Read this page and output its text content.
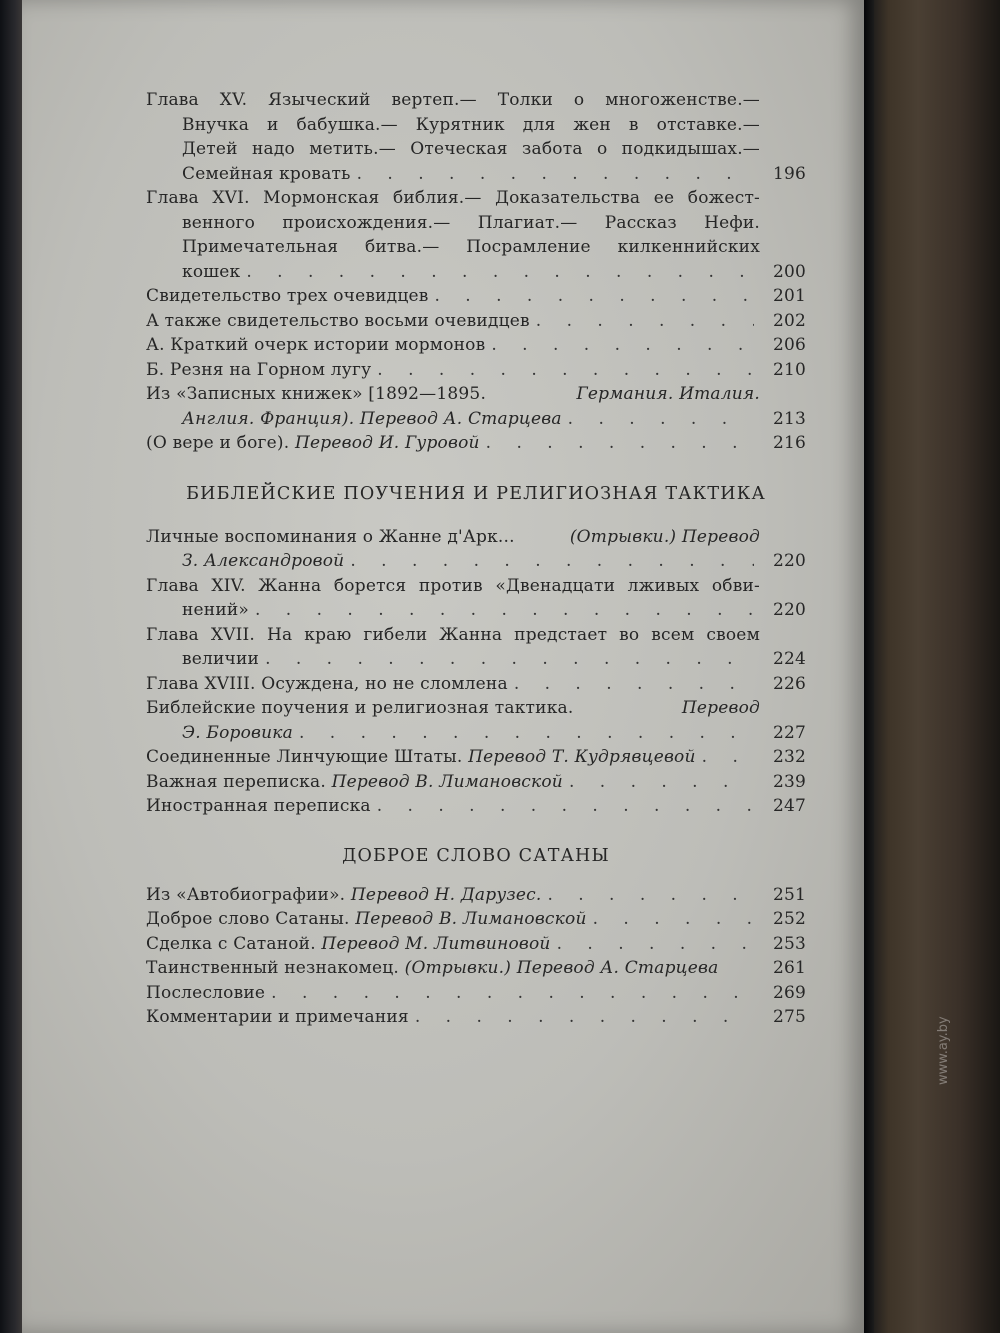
www.ay.by
Глава XV. Языческий вертеп.— Толки о многоженстве.—
Внучка и бабушка.— Курятник для жен в отставке.—
Детей надо метить.— Отеческая забота о подкидышах.—
Семейная кровать . . .	196
Глава XVI. Мормонская библия.— Доказательства ее божест-
венного происхождения.— Плагиат.— Рассказ Нефи.
Примечательная битва.— Посрамление килкеннийских
кошек . . .	200
Свидетельство трех очевидцев . . .	201
А также свидетельство восьми очевидцев . . .	202
А. Краткий очерк истории мормонов . . .	206
Б. Резня на Горном лугу . . .	210
Из «Записных книжек» [1892—1895.	Германия. Италия.
Англия. Франция). Перевод А. Старцева . . .	213
(О вере и боге).
Перевод И. Гуровой . . .	216
БИБЛЕЙСКИЕ ПОУЧЕНИЯ И РЕЛИГИОЗНАЯ ТАКТИКА
Личные воспоминания о Жанне д'Арк...
	(Отрывки.) Перевод
З. Александровой . . .	220
Глава XIV. Жанна борется против «Двенадцати лживых обви-
нений» . . .	220
Глава XVII. На краю гибели Жанна предстает во всем своем
величии . . .	224
Глава XVIII. Осуждена, но не сломлена . . .	226
Библейские поучения и религиозная тактика.	Перевод
Э. Боровика . . .	227
Соединенные Линчующие Штаты.
Перевод Т. Кудрявцевой . . .	232
Важная переписка.
Перевод В. Лимановской . . .	239
Иностранная переписка . . .	247
ДОБРОЕ СЛОВО САТАНЫ
Из «Автобиографии».
Перевод Н. Дарузес. . . .	251
Доброе слово Сатаны.
Перевод В. Лимановской . . .	252
Сделка с Сатаной.
Перевод М. Литвиновой . . .	253
Таинственный незнакомец.
(Отрывки.) Перевод А. Старцева	261
Послесловие . . .	269
Комментарии и примечания . . .	275
